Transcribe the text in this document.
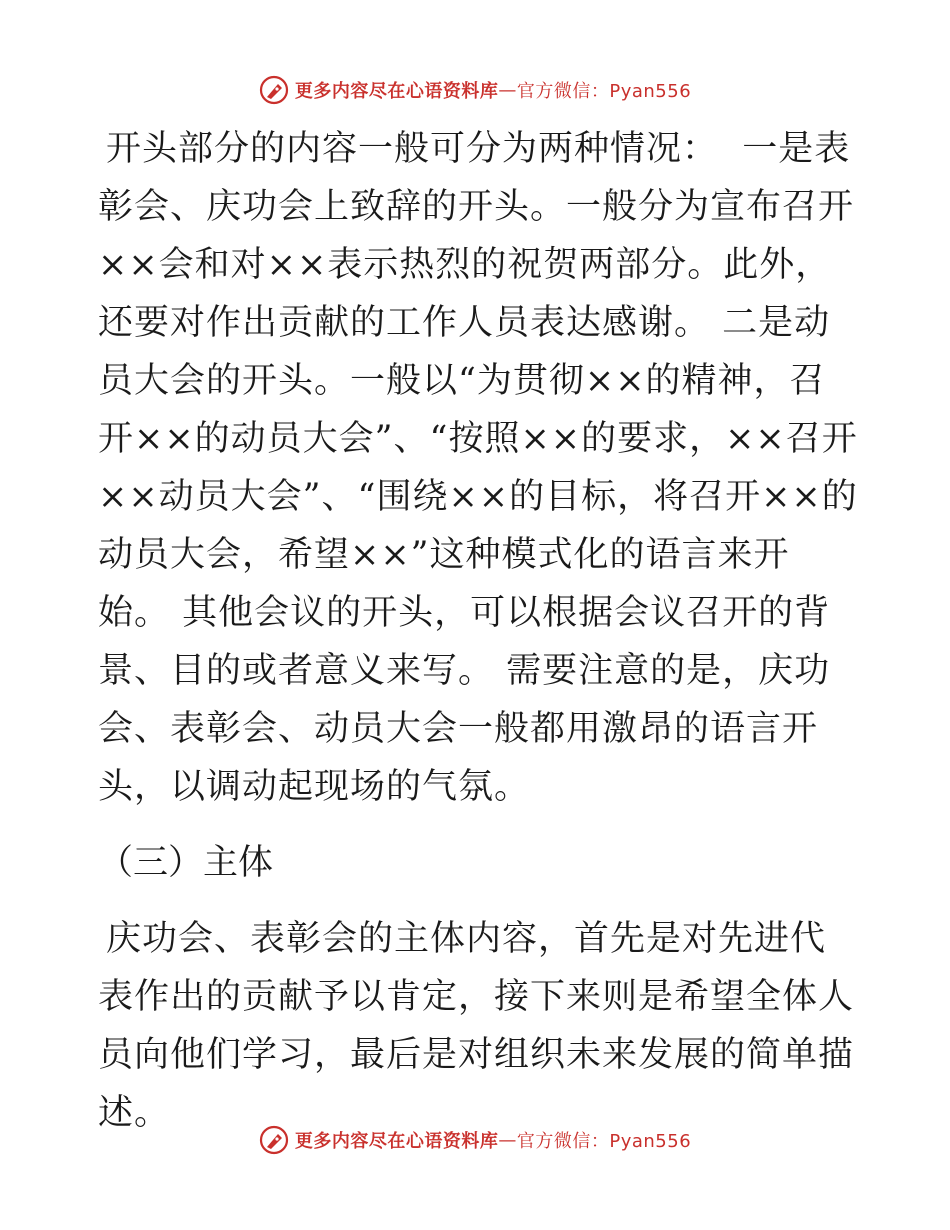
更多内容尽在心语资料库 — 官方微信：Pyan556

开头部分的内容一般可分为两种情况：  一是表彰会、庆功会上致辞的开头。一般分为宣布召开××会和对××表示热烈的祝贺两部分。此外，还要对作出贡献的工作人员表达感谢。 二是动员大会的开头。一般以“为贯彻××的精神，召开××的动员大会”、“按照××的要求，××召开××动员大会”、“围绕××的目标，将召开××的动员大会，希望××”这种模式化的语言来开始。 其他会议的开头，可以根据会议召开的背景、目的或者意义来写。 需要注意的是，庆功会、表彰会、动员大会一般都用激昂的语言开头，以调动起现场的气氛。

（三）主体

庆功会、表彰会的主体内容，首先是对先进代表作出的贡献予以肯定，接下来则是希望全体人员向他们学习，最后是对组织未来发展的简单描述。

更多内容尽在心语资料库 — 官方微信：Pyan556
